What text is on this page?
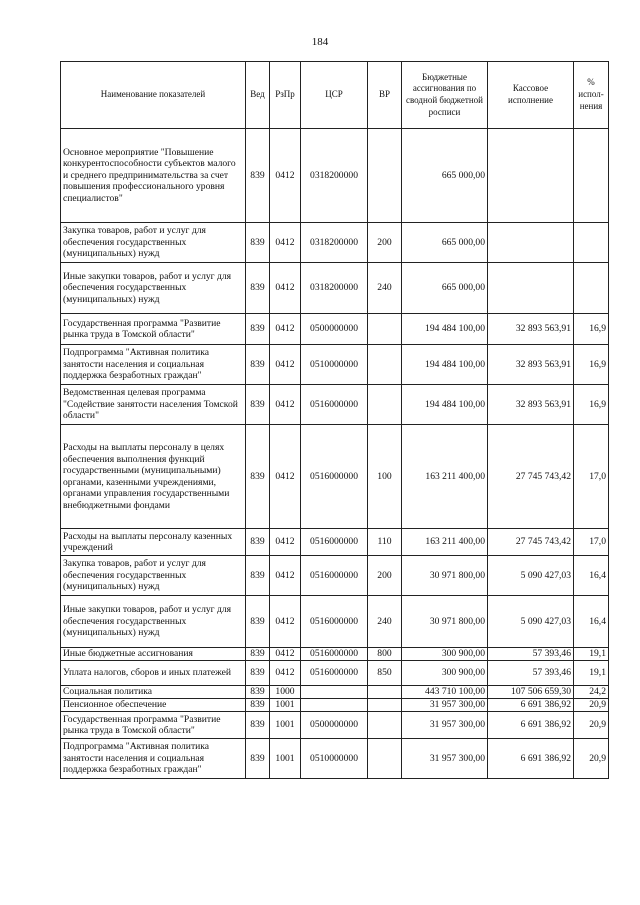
184
Наименование показателей	Вед	РзПр	ЦСР	ВР	Бюджетные ассигнования по сводной бюджетной росписи	Кассовое исполнение	% испол-нения
Основное мероприятие "Повышение конкурентоспособности субъектов малого и среднего предпринимательства за счет повышения профессионального уровня специалистов"	839	0412	0318200000		665 000,00		
Закупка товаров, работ и услуг для обеспечения государственных (муниципальных) нужд	839	0412	0318200000	200	665 000,00		
Иные закупки товаров, работ и услуг для обеспечения государственных (муниципальных) нужд	839	0412	0318200000	240	665 000,00		
Государственная программа "Развитие рынка труда в Томской области"	839	0412	0500000000		194 484 100,00	32 893 563,91	16,9
Подпрограмма "Активная политика занятости населения и социальная поддержка безработных граждан"	839	0412	0510000000		194 484 100,00	32 893 563,91	16,9
Ведомственная целевая программа "Содействие занятости населения Томской области"	839	0412	0516000000		194 484 100,00	32 893 563,91	16,9
Расходы на выплаты персоналу в целях обеспечения выполнения функций государственными (муниципальными) органами, казенными учреждениями, органами управления государственными внебюджетными фондами	839	0412	0516000000	100	163 211 400,00	27 745 743,42	17,0
Расходы на выплаты персоналу казенных учреждений	839	0412	0516000000	110	163 211 400,00	27 745 743,42	17,0
Закупка товаров, работ и услуг для обеспечения государственных (муниципальных) нужд	839	0412	0516000000	200	30 971 800,00	5 090 427,03	16,4
Иные закупки товаров, работ и услуг для обеспечения государственных (муниципальных) нужд	839	0412	0516000000	240	30 971 800,00	5 090 427,03	16,4
Иные бюджетные ассигнования	839	0412	0516000000	800	300 900,00	57 393,46	19,1
Уплата налогов, сборов и иных платежей	839	0412	0516000000	850	300 900,00	57 393,46	19,1
Социальная политика	839	1000			443 710 100,00	107 506 659,30	24,2
Пенсионное обеспечение	839	1001			31 957 300,00	6 691 386,92	20,9
Государственная программа "Развитие рынка труда в Томской области"	839	1001	0500000000		31 957 300,00	6 691 386,92	20,9
Подпрограмма "Активная политика занятости населения и социальная поддержка безработных граждан"	839	1001	0510000000		31 957 300,00	6 691 386,92	20,9
